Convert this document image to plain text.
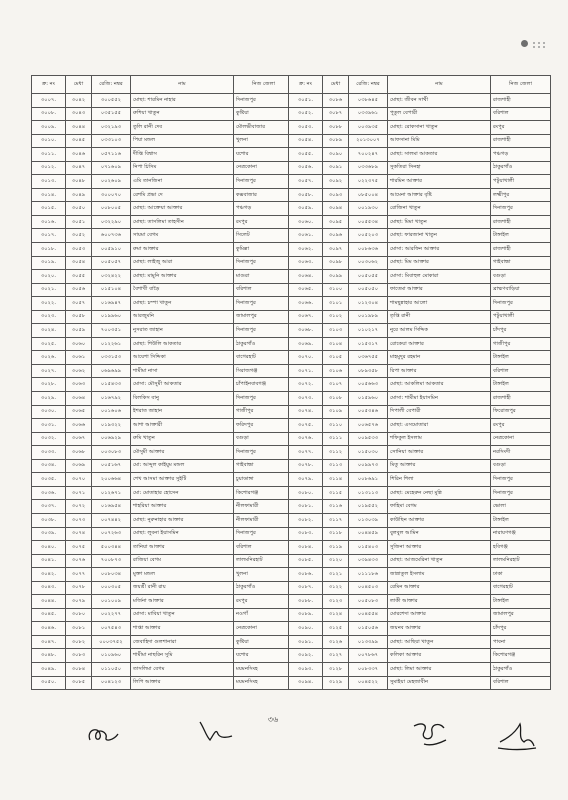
ক্র: নং	মেধা	রেজি: নম্বর	নাম	নিজ জেলা
৩০০৭.	৩০৪২	৩০০৫৫২	মোছা: শারমিন নাহার	দিনাজপুর
৩০০৮.	৩০৪৩	০৩৫১৫৫	রুশিয়া খাতুন	কুষ্টিয়া
৩০০৯.	৩০৪৪	০৩২১৯৩	তুলি রানী দেব	মৌলভীবাজার
৩০১০.	৩০৪৫	০৩৩১০৩	পিয়া মন্ডল	খুলনা
৩০১১.	৩০৪৬	০৫৭১১৬	দীপ্তি বিশ্বাস	যশোর
৩০১২.	৩০৪৭	০৭১৬০৯	নিপা চিসিম	নেত্রকোনা
৩০১৩.	৩০৪৮	০০২৬০৯	এমি তানজিনা	দিনাজপুর
৩০১৪.	৩০৪৯	৩০০০৭০	রেশমি প্রভা দে	কক্সবাজার
৩০১৫.	৩০৫০	০০৮০০৫	মোছা: আক্তেয়া আক্তার	পঞ্চগড়
৩০১৬.	৩০৫১	০৩২২৯০	মোছা: তাসলিমা তাহসীন	রংপুর
৩০১৭.	৩০৫২	৬০০৭৩৬	সায়মা বেগম	সিলেট
৩০১৮.	৩০৫৩	০০৫৯১০	রুমা আক্তার	কুমিল্লা
৩০১৯.	৩০৫৪	০০৫০৫৭	মোছা: লাইজু আরা	দিনাজপুর
৩০২০.	৩০৫৫	০৩২৪২২	মোছা: মামুনি আক্তার	মাগুরা
৩০২১.	৩০৫৬	০১৫১০৪	বৈশাখী বাড়ৈ	বরিশাল
৩০২২.	৩০৫৭	০১৬৯৪৭	মোছা: চম্পা খাতুন	দিনাজপুর
৩০২৩.	৩০৫৮	০১৯৯৬০	আরজুমনি	জামালপুর
৩০২৪.	৩০৫৯	৭০০৩৫১	নুসরাত জাহান	দিনাজপুর
৩০২৫.	৩০৬০	০১২২৬১	মোছা: শিউলি আকতার	ঠাকুরগাঁও
৩০২৬.	৩০৬১	০৩৩১৫৩	আয়েশা সিদ্দিকা	বাগেরহাট
৩০২৭.	৩০৬২	০৬৯৬৯৯	শামীমা নাসা	সিরাজগঞ্জ
৩০২৮.	৩০৬৩	০১৫৪৩৩	মোসা: মৌসুমী আকতার	চাঁপাইনবাবগঞ্জ
৩০২৯.	৩০৬৪	০১৬৭৯২	বিলকিস বানু	দিনাজপুর
৩০৩০.	৩০৬৫	০০১৬০৬	ইশরাত জাহান	গাজীপুর
৩০৩১.	৩০৬৬	০১৯৩২২	আশা আক্তারী	ফরিদপুর
৩০৩২.	৩০৬৭	০০৬৯২৯	রুমি খাতুন	বগুড়া
৩০৩৩.	৩০৬৮	০০৩০৮৩	মৌসুমী আক্তার	দিনাজপুর
৩০৩৪.	৩০৬৯	০০৫১৬৭	মো: আব্দুল কাইয়ুম মন্ডল	গাইবান্ধা
৩০৩৫.	৩০৭০	২০০৬৬৪	শেখ আসমা আক্তার সুইটি	চুয়াডাঙ্গা
৩০৩৬.	৩০৭১	০১২৬৭১	মো: মোতাহার হোসেন	কিশোরগঞ্জ
৩০৩৭.	৩০৭২	০১৬৯৫৪	শাহরিয়া আক্তার	নীলফামারী
৩০৩৮.	৩০৭৩	০০৭৪৪২	মোছা: নুরুনাহার আক্তার	নীলফামারী
৩০৩৯.	৩০৭৪	০০৭২৬৩	মোছা: লুবনা ইয়াসমিন	দিনাজপুর
৩০৪০.	৩০৭৫	৫০০৩৪৪	তানিয়া আক্তার	বরিশাল
৩০৪১.	৩০৭৬	৭০০৮৭৩	রাজিয়া বেগম	লালমনিরহাট
৩০৪২.	৩০৭৭	০০৮০৩৪	মুক্তা মন্ডল	খুলনা
৩০৪৩.	৩০৭৮	০০০৩০৫	জয়শ্রী রানী রায়	ঠাকুরগাঁও
৩০৪৪.	৩০৭৯	০০১০০৯	মর্জিনা আক্তার	রংপুর
৩০৪৫.	৩০৮০	০০২২৭৭	মোসা: মাবিয়া খাতুন	নওগাঁ
৩০৪৬.	৩০৮১	০০৭৫৪৩	শাপ্তা আক্তার	নেত্রকোনা
৩০৪৭.	৩০৮২	০০০৩৭৫২	জেবাহিদা গুলশানারা	কুষ্টিয়া
৩০৪৮.	৩০৮৩	০১০৯৬০	শামীমা নাছরিন সুমি	যশোর
৩০৪৯.	৩০৮৪	০১১০৫০	তাসলিমা বেগম	ময়মনসিংহ
৩০৫০.	৩০৮৫	০০৪১২৩	লিপি আক্তার	ময়মনসিংহ
ক্র: নং	মেধা	রেজি: নম্বর	নাম	নিজ জেলা
৩০৫১.	৩০৮৬	০৩৮৬৪৫	মোছা: জীবন সাথী	রাজশাহী
৩০৫২.	৩০৮৭	০৩৩৯৬১	পুতুল বেপারী	বরিশাল
৩০৫৩.	৩০৮৮	০০৩৯৩৫	মোছা: রোকসানা খাতুন	রংপুর
৩০৫৪.	৩০৮৯	২০১৩০০৭	আফসানা মিমি	রাজশাহী
৩০৫৫.	৩০৯০	৭০০২৪৭	মোছা: সালমা আকতার	পঞ্চগড়
৩০৫৬.	৩০৯১	০৩৩৬৮৯	সুকতিরা সিনহা	ঠাকুরগাঁও
৩০৫৭.	৩০৯২	০২২৩৭৫	শারমিন আক্তার	পটুয়াখালী
৩০৫৮.	৩০৯৩	০৮৫০০৪	আমেনা আক্তার বৃষ্টি	লক্ষ্মীপুর
৩০৫৯.	৩০৯৪	০০১৯৩০	রোজিনা খাতুন	দিনাজপুর
৩০৬০.	৩০৯৫	০০৫৫৩৪	মোছা: মিমা খাতুন	রাজশাহী
৩০৬১.	৩০৯৬	০০৫২০৩	মোছা: ফারজানা খাতুন	টাঙ্গাইল
৩০৬২.	৩০৯৭	০০৮৬৩৬	মোসা: আরফিন আক্তার	রাজশাহী
৩০৬৩.	৩০৯৮	০০৩০৬২	মোছা: মিম আক্তার	গাইবান্ধা
৩০৬৪.	৩০৯৯	০০৫০৫৫	মোসা: মিবাহুল মোকারা	বগুড়া
৩০৬৫.	৩১০০	০০৫০৫০	ফাতেমা আক্তার	ব্রাহ্মণবাড়িয়া
৩০৬৬.	৩১০১	০১২৩০৪	শামছুন্নাহার আলো	দিনাজপুর
৩০৬৭.	৩১০২	০০১৯৮৯	তৃপ্তি রানী	পটুয়াখালী
৩০৬৮.	৩১০৩	০১০২১৭	নুরে আলম সিদ্দিক	চাঁদপুর
৩০৬৯.	৩১০৪	০১৫৩১৭	রোকেয়া আক্তার	গাজীপুর
৩০৭০.	৩১০৫	০৩৬৭৫৫	মাহমুদুর রহমান	টাঙ্গাইল
৩০৭১.	৩১০৬	০৮৯৩৫৮	রিপা আক্তার	বরিশাল
৩০৭২.	৩১০৭	০০৫৬৬৩	মোছা: আকলিমা আকতার	টাঙ্গাইল
৩০৭৩.	৩১০৮	০১৫৯৬০	মোসা: শামীমা ইয়াসমিন	রাজশাহী
৩০৭৪.	৩১০৯	০০৫৩৪৬	দিপালী বেপারী	ফিরোজপুর
৩০৭৫.	৩১১০	০০৬৫৭৬	মোছা: এসমোতারা	রংপুর
৩০৭৬.	৩১১১	০০৯৫৩৩	শফিকুল ইসলাম	নেত্রকোনা
৩০৭৭.	৩১১২	০১৫০৩০	সোনিয়া আক্তার	নরসিংদী
৩০৭৮.	৩১১৩	০০৯৯৭৩	মিতু আক্তার	বগুড়া
৩০৭৯.	৩১১৪	০০৮৬৯১	শিরিন শিলা	দিনাজপুর
৩০৮০.	৩১১৫	০১৩১১৩	মোছা: মেহেরুন নেছা মুন্নি	দিনাজপুর
৩০৮১.	৩১১৬	০১৯৫৫২	ফাহিমা বেগম	ভোলা
৩০৮২.	৩১১৭	০১৩০৩৯	কাউছিন আক্তার	টাঙ্গাইল
৩০৮৩.	৩১১৮	০০৪৪৫৯	বুলবুল আমিন	নারায়ণগঞ্জ
৩০৮৪.	৩১১৯	০১৫৪০৩	সুজিনা আক্তার	হবিগঞ্জ
৩০৮৫.	৩১২০	০৩৯৪৩৩	মোছা: আজমেরিনা খাতুন	লালমনিরহাট
৩০৮৬.	৩১২১	০১১১৮৬	জান্নাতুল ইসলাম	ঢাকা
৩০৮৭.	৩১২২	০০৪৫০৩	রেমিন আক্তার	বাগেরহাট
৩০৮৮.	৩১২৩	০০৫০৮৩	লাকী আক্তার	টাঙ্গাইল
৩০৮৯.	৩১২৪	০০৪৫৫৪	মোরশেদা আক্তার	জামালপুর
৩০৯০.	৩১২৫	০১৫০৫৬	জয়নব আক্তার	চাঁদপুর
৩০৯১.	৩১২৬	০১৩৩৯৯	মোছা: আছিয়া খাতুন	পাবনা
৩০৯২.	৩১২৭	০০৭৮৬৭	কলিকা আক্তার	কিশোরগঞ্জ
৩০৯৩.	৩১২৮	০০৮৩৩৭	মোছা: লিমা আক্তার	ঠাকুরগাঁও
৩০৯৪.	৩১২৯	০০৪৫২২	সুমাইয়া মেহজাবীন	বরিশাল
৩৬
